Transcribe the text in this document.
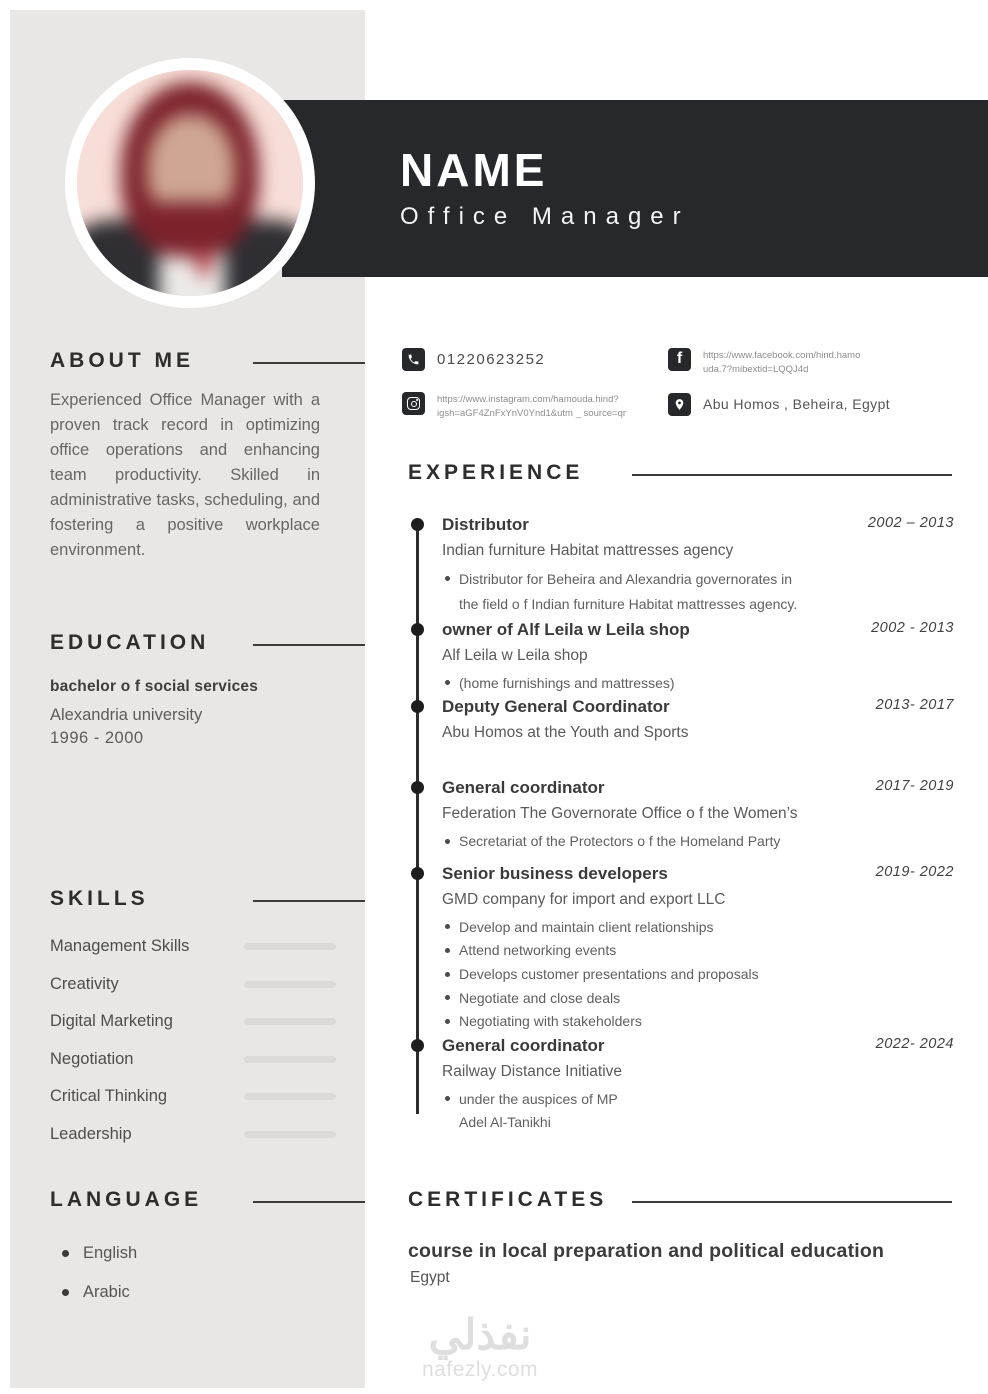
NAME
Office Manager
01220623252	f https://www.facebook.com/hind.hamo
uda.7?mibextid=LQQJ4d
https://www.instagram.com/hamouda.hind?
igsh=aGF4ZnFxYnV0Ynd1&utm _ source=qr
Abu Homos , Beheira, Egypt
ABOUT ME

Experienced Office Manager with a proven track record in optimizing office operations and enhancing team productivity. Skilled in administrative tasks, scheduling, and fostering a positive workplace environment.

EDUCATION
bachelor o f social services
Alexandria university
1996 - 2000
SKILLS
Management Skills
Creativity
Digital Marketing
Negotiation
Critical Thinking
Leadership
LANGUAGE
English
Arabic
EXPERIENCE
Distributor	2002 – 2013
Indian furniture Habitat mattresses agency
Distributor for Beheira and Alexandria governorates in the field o f Indian furniture Habitat mattresses agency.
owner of Alf Leila w Leila shop	2002 - 2013
Alf Leila w Leila shop
(home furnishings and mattresses)
Deputy General Coordinator	2013- 2017
Abu Homos at the Youth and Sports
General coordinator	2017- 2019
Federation The Governorate Office o f the Women’s
Secretariat of the Protectors o f the Homeland Party
Senior business developers	2019- 2022
GMD company for import and export LLC
Develop and maintain client relationships
Attend networking events
Develops customer presentations and proposals
Negotiate and close deals
Negotiating with stakeholders
General coordinator	2022- 2024
Railway Distance Initiative
under the auspices of MP Adel Al-Tanikhi
CERTIFICATES
course in local preparation and political education
Egypt
نفذلي
nafezly.com
